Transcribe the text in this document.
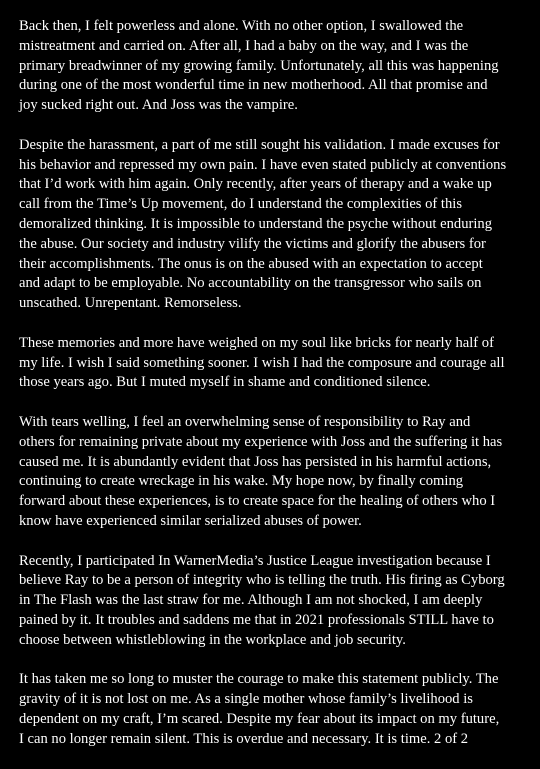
Back then, I felt powerless and alone. With no other option, I swallowed the
mistreatment and carried on. After all, I had a baby on the way, and I was the
primary breadwinner of my growing family. Unfortunately, all this was happening
during one of the most wonderful time in new motherhood. All that promise and
joy sucked right out. And Joss was the vampire.

Despite the harassment, a part of me still sought his validation. I made excuses for
his behavior and repressed my own pain. I have even stated publicly at conventions
that I’d work with him again. Only recently, after years of therapy and a wake up
call from the Time’s Up movement, do I understand the complexities of this
demoralized thinking. It is impossible to understand the psyche without enduring
the abuse. Our society and industry vilify the victims and glorify the abusers for
their accomplishments. The onus is on the abused with an expectation to accept
and adapt to be employable. No accountability on the transgressor who sails on
unscathed. Unrepentant. Remorseless.

These memories and more have weighed on my soul like bricks for nearly half of
my life. I wish I said something sooner. I wish I had the composure and courage all
those years ago. But I muted myself in shame and conditioned silence.

With tears welling, I feel an overwhelming sense of responsibility to Ray and
others for remaining private about my experience with Joss and the suffering it has
caused me. It is abundantly evident that Joss has persisted in his harmful actions,
continuing to create wreckage in his wake. My hope now, by finally coming
forward about these experiences, is to create space for the healing of others who I
know have experienced similar serialized abuses of power.

Recently, I participated In WarnerMedia’s Justice League investigation because I
believe Ray to be a person of integrity who is telling the truth. His firing as Cyborg
in The Flash was the last straw for me. Although I am not shocked, I am deeply
pained by it. It troubles and saddens me that in 2021 professionals STILL have to
choose between whistleblowing in the workplace and job security.

It has taken me so long to muster the courage to make this statement publicly. The
gravity of it is not lost on me. As a single mother whose family’s livelihood is
dependent on my craft, I’m scared. Despite my fear about its impact on my future,
I can no longer remain silent. This is overdue and necessary. It is time. 2 of 2
